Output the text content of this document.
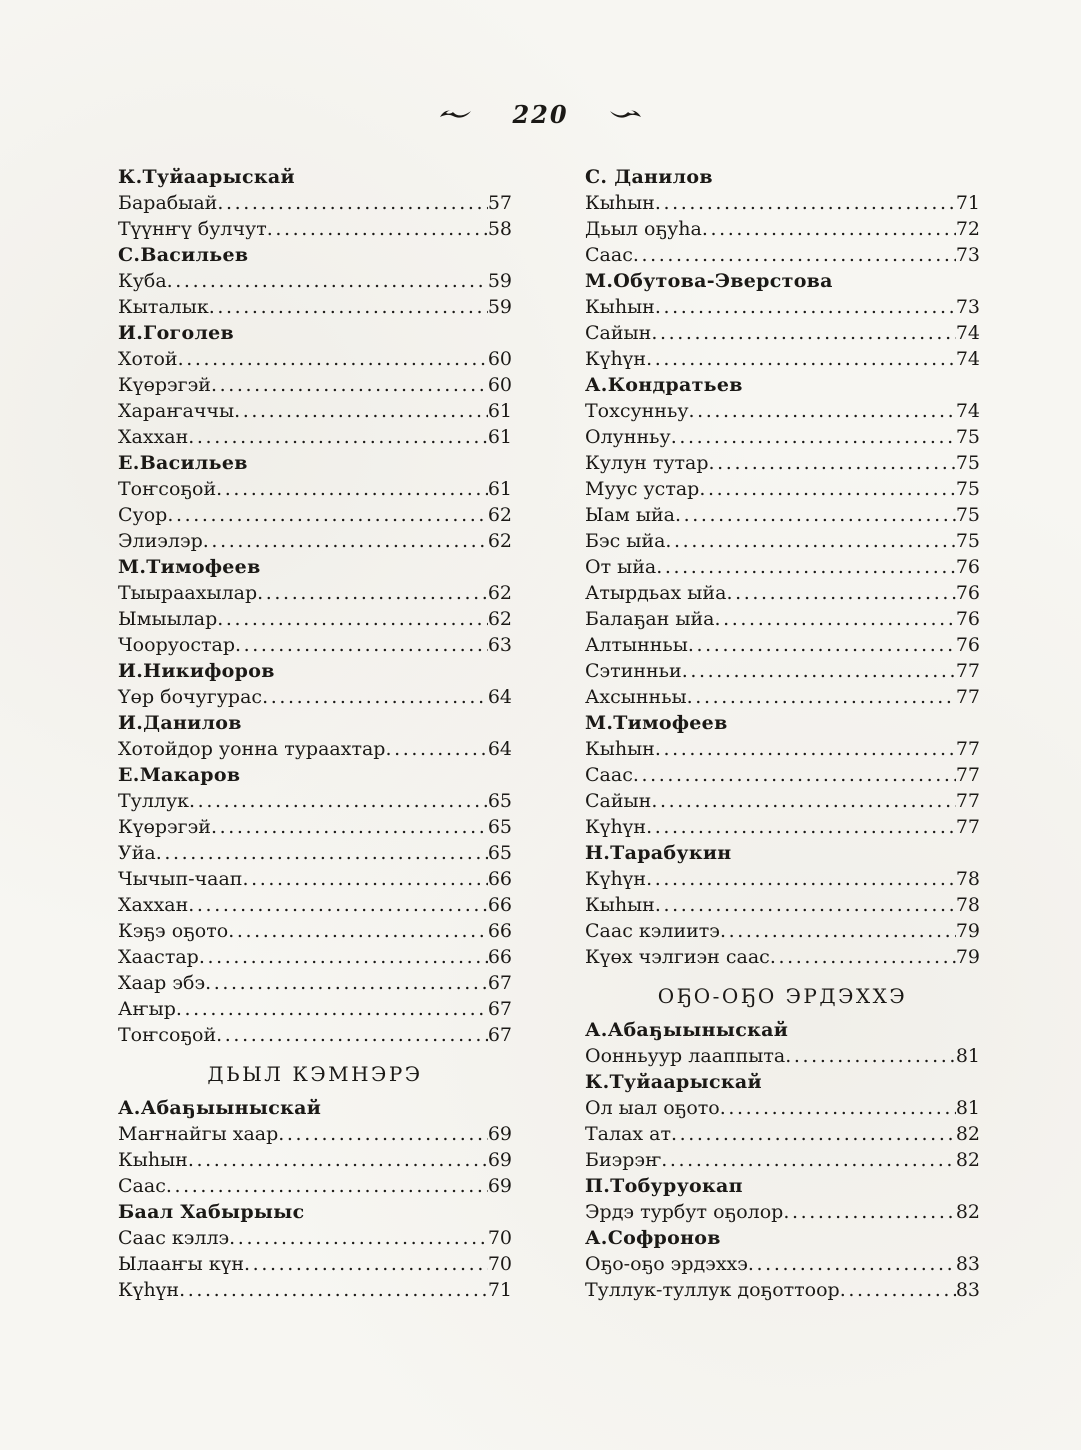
220
К.Туйаарыскай
Барабыай .....	57
Түүнҥү булчут .....	58
С.Васильев
Куба .....	59
Кыталык .....	59
И.Гоголев
Хотой .....	60
Күөрэгэй .....	60
Хараҥаччы .....	61
Хаххан .....	61
Е.Васильев
Тоҥсоҕой .....	61
Суор .....	62
Элиэлэр .....	62
М.Тимофеев
Тыыраахылар .....	62
Ымыылар .....	62
Чооруостар .....	63
И.Никифоров
Үөр бочугурас .....	64
И.Данилов
Хотойдор уонна тураахтар .....	64
Е.Макаров
Туллук .....	65
Күөрэгэй .....	65
Уйа .....	65
Чычып-чаап .....	66
Хаххан .....	66
Кэҕэ оҕото .....	66
Хаастар .....	66
Хаар эбэ .....	67
Аҥыр .....	67
Тоҥсоҕой .....	67
ДЬЫЛ КЭМНЭРЭ
А.Абаҕыыныскай
Маҥнайгы хаар .....	69
Кыһын .....	69
Саас .....	69
Баал Хабырыыс
Саас кэллэ .....	70
Ылааҥы күн .....	70
Күһүн .....	71
С. Данилов
Кыһын .....	71
Дьыл оҕуһа .....	72
Саас .....	73
М.Обутова-Эверстова
Кыһын .....	73
Сайын .....	74
Күһүн .....	74
А.Кондратьев
Тохсунньу .....	74
Олунньу .....	75
Кулун тутар .....	75
Муус устар .....	75
Ыам ыйа .....	75
Бэс ыйа .....	75
От ыйа .....	76
Атырдьах ыйа .....	76
Балаҕан ыйа .....	76
Алтынньы .....	76
Сэтинньи .....	77
Ахсынньы .....	77
М.Тимофеев
Кыһын .....	77
Саас .....	77
Сайын .....	77
Күһүн .....	77
Н.Тарабукин
Күһүн .....	78
Кыһын .....	78
Саас кэлиитэ .....	79
Күөх чэлгиэн саас .....	79
ОҔО-ОҔО ЭРДЭХХЭ
А.Абаҕыыныскай
Оонньуур лааппыта .....	81
К.Туйаарыскай
Ол ыал оҕото .....	81
Талах ат .....	82
Биэрэҥ .....	82
П.Тобуруокап
Эрдэ турбут оҕолор .....	82
А.Софронов
Оҕо-оҕо эрдэххэ .....	83
Туллук-туллук доҕоттоор .....	83
